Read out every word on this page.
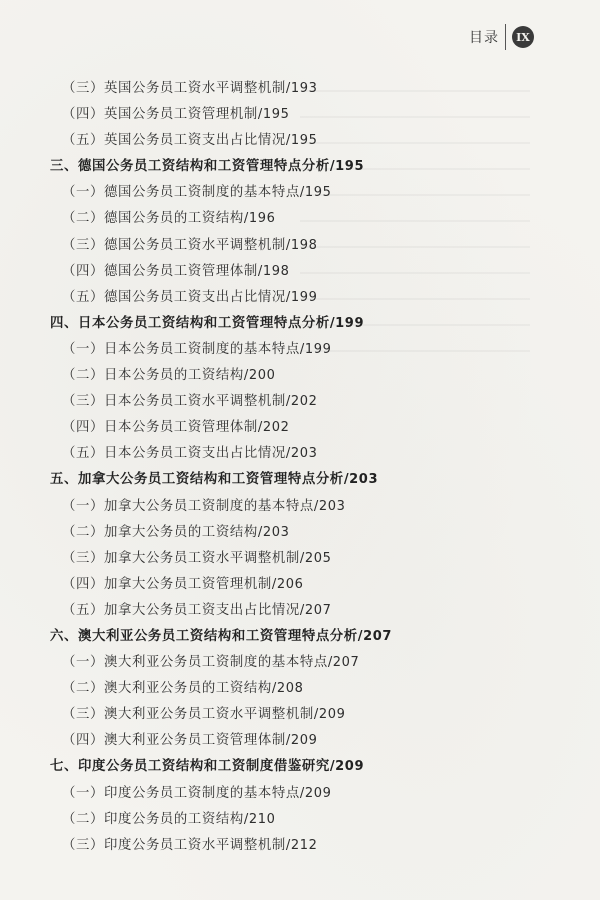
目录	IX
（三）英国公务员工资水平调整机制/193
（四）英国公务员工资管理机制/195
（五）英国公务员工资支出占比情况/195
三、德国公务员工资结构和工资管理特点分析/195
（一）德国公务员工资制度的基本特点/195
（二）德国公务员的工资结构/196
（三）德国公务员工资水平调整机制/198
（四）德国公务员工资管理体制/198
（五）德国公务员工资支出占比情况/199
四、日本公务员工资结构和工资管理特点分析/199
（一）日本公务员工资制度的基本特点/199
（二）日本公务员的工资结构/200
（三）日本公务员工资水平调整机制/202
（四）日本公务员工资管理体制/202
（五）日本公务员工资支出占比情况/203
五、加拿大公务员工资结构和工资管理特点分析/203
（一）加拿大公务员工资制度的基本特点/203
（二）加拿大公务员的工资结构/203
（三）加拿大公务员工资水平调整机制/205
（四）加拿大公务员工资管理机制/206
（五）加拿大公务员工资支出占比情况/207
六、澳大利亚公务员工资结构和工资管理特点分析/207
（一）澳大利亚公务员工资制度的基本特点/207
（二）澳大利亚公务员的工资结构/208
（三）澳大利亚公务员工资水平调整机制/209
（四）澳大利亚公务员工资管理体制/209
七、印度公务员工资结构和工资制度借鉴研究/209
（一）印度公务员工资制度的基本特点/209
（二）印度公务员的工资结构/210
（三）印度公务员工资水平调整机制/212
